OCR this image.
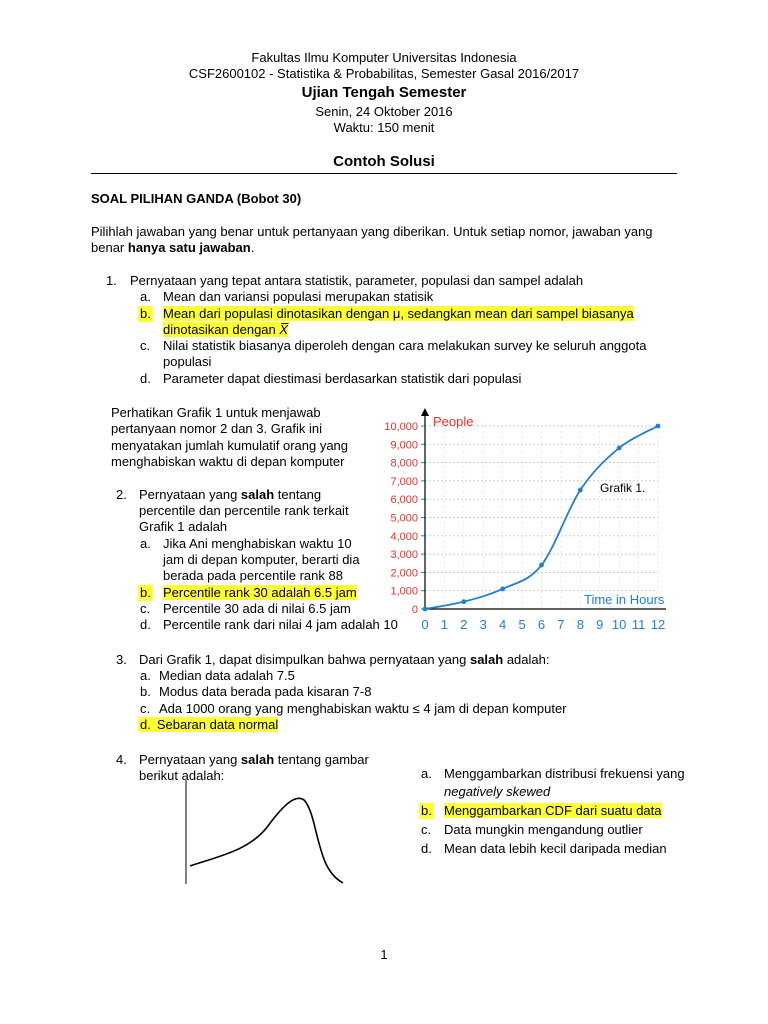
Fakultas Ilmu Komputer Universitas Indonesia
CSF2600102 - Statistika & Probabilitas, Semester Gasal 2016/2017
Ujian Tengah Semester
Senin, 24 Oktober 2016
Waktu: 150 menit
Contoh Solusi
SOAL PILIHAN GANDA (Bobot 30)
Pilihlah jawaban yang benar untuk pertanyaan yang diberikan. Untuk setiap nomor, jawaban yang
benar hanya satu jawaban.
1. Pernyataan yang tepat antara statistik, parameter, populasi dan sampel adalah
a. Mean dan variansi populasi merupakan statisik
b. Mean dari populasi dinotasikan dengan μ, sedangkan mean dari sampel biasanya
dinotasikan dengan X̅
c. Nilai statistik biasanya diperoleh dengan cara melakukan survey ke seluruh anggota
populasi
d. Parameter dapat diestimasi berdasarkan statistik dari populasi
Perhatikan Grafik 1 untuk menjawab
pertanyaan nomor 2 dan 3. Grafik ini
menyatakan jumlah kumulatif orang yang
menghabiskan waktu di depan komputer
2. Pernyataan yang salah tentang
percentile dan percentile rank terkait
Grafik 1 adalah
a. Jika Ani menghabiskan waktu 10
jam di depan komputer, berarti dia
berada pada percentile rank 88
b. Percentile rank 30 adalah 6.5 jam
c. Percentile 30 ada di nilai 6.5 jam
d. Percentile rank dari nilai 4 jam adalah 10
0
1,000
2,000
3,000
4,000
5,000
6,000
7,000
8,000
9,000
10,000
0 1 2 3 4 5 6 7 8 9 10 11 12
People
Time in Hours
Grafik 1.
3. Dari Grafik 1, dapat disimpulkan bahwa pernyataan yang salah adalah:
a. Median data adalah 7.5
b. Modus data berada pada kisaran 7-8
c. Ada 1000 orang yang menghabiskan waktu ≤ 4 jam di depan komputer
d. Sebaran data normal
4. Pernyataan yang salah tentang gambar
berikut adalah:	a. Menggambarkan distribusi frekuensi yang
negatively skewed
b. Menggambarkan CDF dari suatu data
c. Data mungkin mengandung outlier
d. Mean data lebih kecil daripada median
1
